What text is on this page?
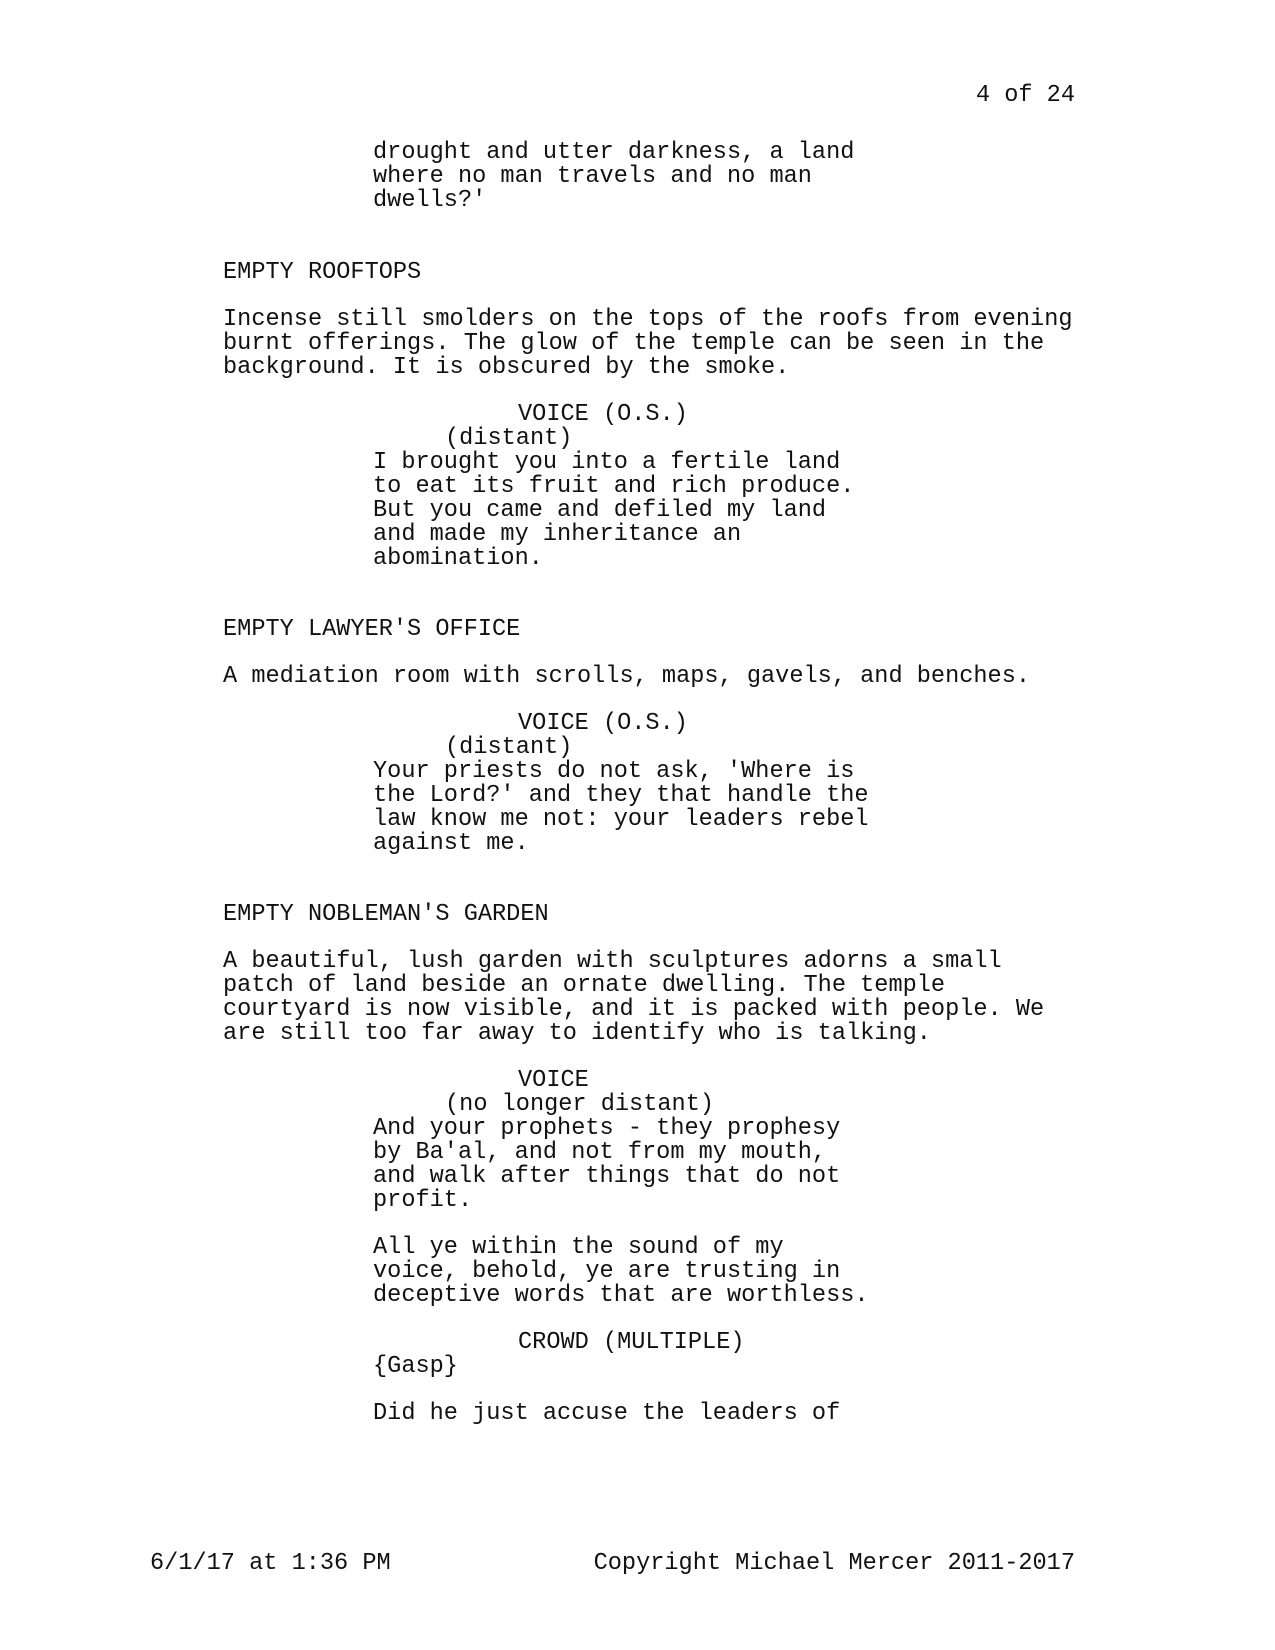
4 of 24
drought and utter darkness, a land
where no man travels and no man
dwells?'
EMPTY ROOFTOPS
Incense still smolders on the tops of the roofs from evening
burnt offerings. The glow of the temple can be seen in the
background. It is obscured by the smoke.
VOICE (O.S.)
(distant)
I brought you into a fertile land
to eat its fruit and rich produce.
But you came and defiled my land
and made my inheritance an
abomination.
EMPTY LAWYER'S OFFICE
A mediation room with scrolls, maps, gavels, and benches.
VOICE (O.S.)
(distant)
Your priests do not ask, 'Where is
the Lord?' and they that handle the
law know me not: your leaders rebel
against me.
EMPTY NOBLEMAN'S GARDEN
A beautiful, lush garden with sculptures adorns a small
patch of land beside an ornate dwelling. The temple
courtyard is now visible, and it is packed with people. We
are still too far away to identify who is talking.
VOICE
(no longer distant)
And your prophets - they prophesy
by Ba'al, and not from my mouth,
and walk after things that do not
profit.
All ye within the sound of my
voice, behold, ye are trusting in
deceptive words that are worthless.
CROWD (MULTIPLE)
{Gasp}
Did he just accuse the leaders of
6/1/17 at 1:36 PM	Copyright Michael Mercer 2011-2017
